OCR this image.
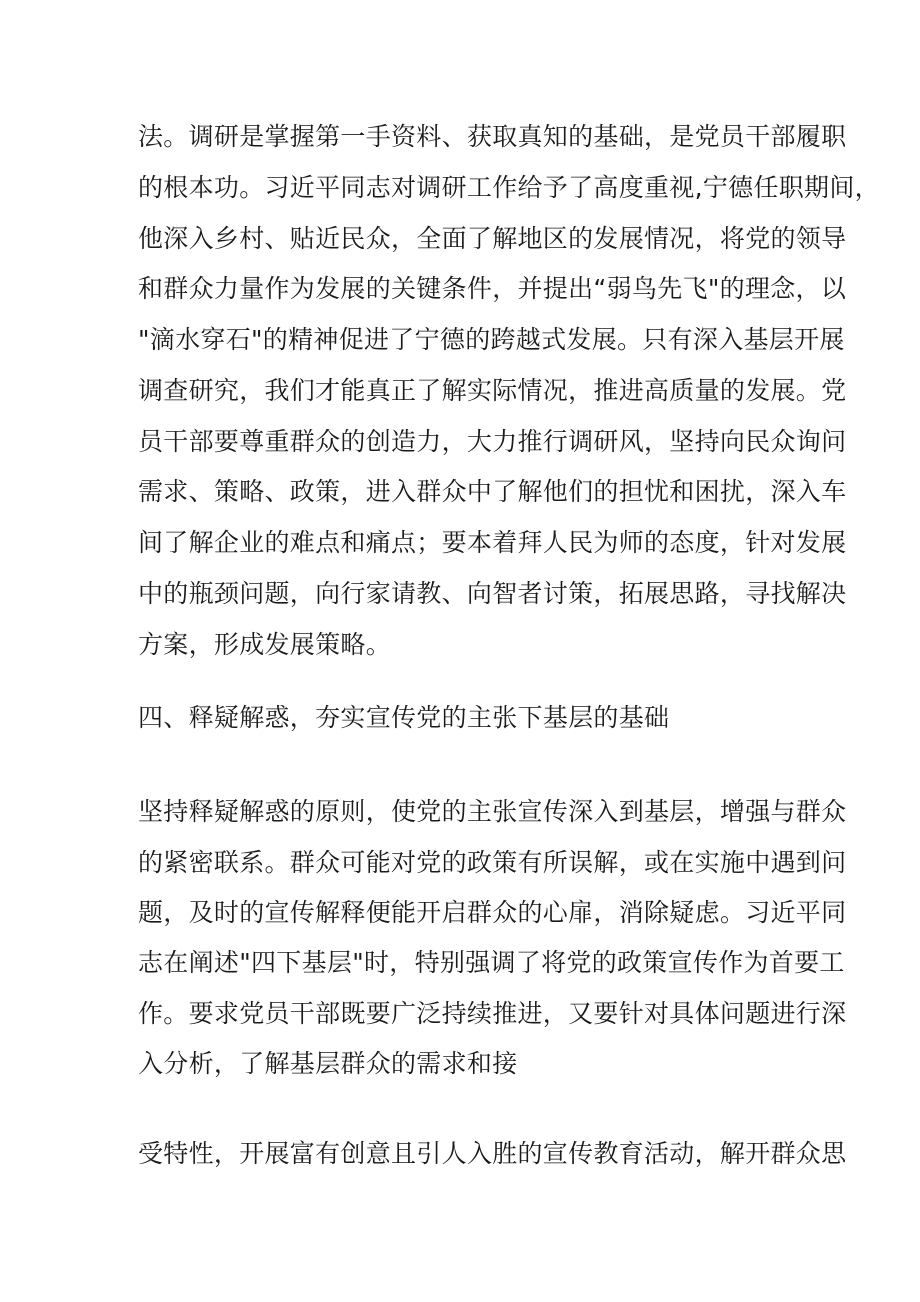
法。调研是掌握第一手资料、获取真知的基础，是党员干部履职
的根本功。习近平同志对调研工作给予了高度重视,宁德任职期间，
他深入乡村、贴近民众，全面了解地区的发展情况，将党的领导
和群众力量作为发展的关键条件，并提出“弱鸟先飞"的理念，以
"滴水穿石"的精神促进了宁德的跨越式发展。只有深入基层开展
调查研究，我们才能真正了解实际情况，推进高质量的发展。党
员干部要尊重群众的创造力，大力推行调研风，坚持向民众询问
需求、策略、政策，进入群众中了解他们的担忧和困扰，深入车
间了解企业的难点和痛点；要本着拜人民为师的态度，针对发展
中的瓶颈问题，向行家请教、向智者讨策，拓展思路，寻找解决
方案，形成发展策略。
四、释疑解惑，夯实宣传党的主张下基层的基础
坚持释疑解惑的原则，使党的主张宣传深入到基层，增强与群众
的紧密联系。群众可能对党的政策有所误解，或在实施中遇到问
题，及时的宣传解释便能开启群众的心扉，消除疑虑。习近平同
志在阐述"四下基层"时，特别强调了将党的政策宣传作为首要工
作。要求党员干部既要广泛持续推进，又要针对具体问题进行深
入分析，了解基层群众的需求和接
受特性，开展富有创意且引人入胜的宣传教育活动，解开群众思
